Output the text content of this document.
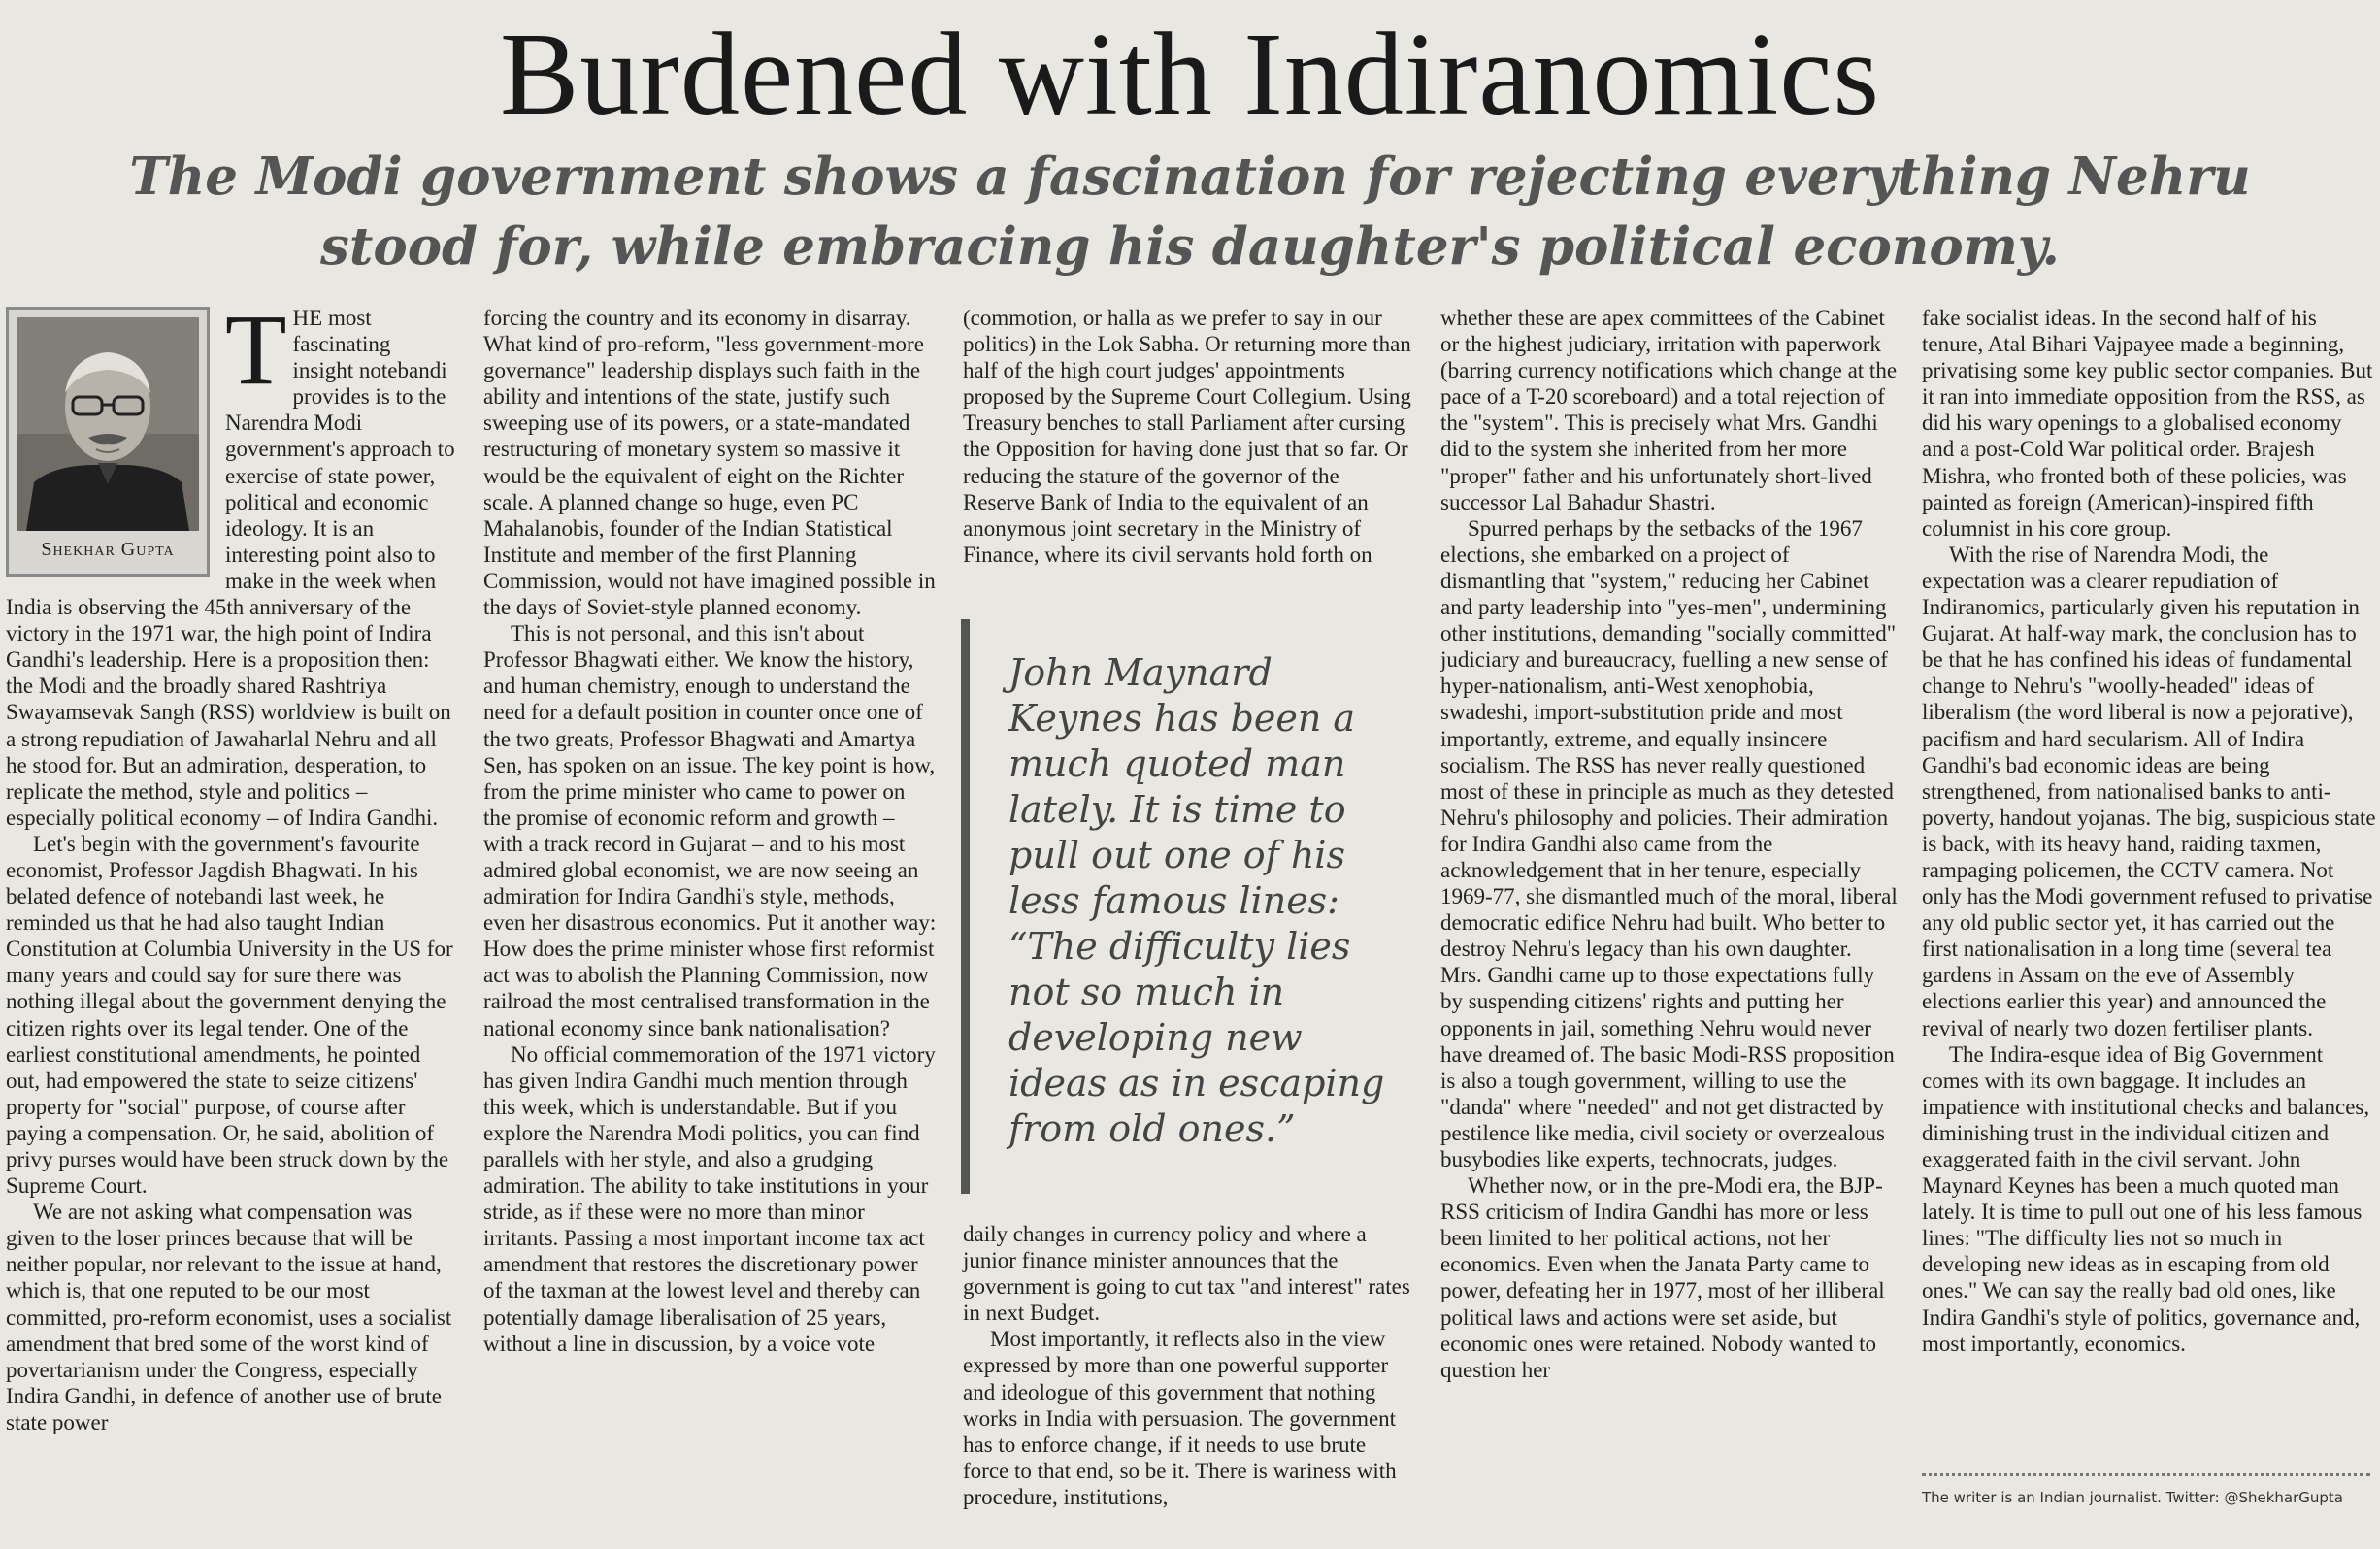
Burdened with Indiranomics

The Modi government shows a fascination for rejecting everything Nehru stood for, while embracing his daughter's political economy.

Shekhar Gupta
T HE most fascinating insight notebandi provides is to the Narendra Modi government's approach to exercise of state power, political and economic ideology. It is an interesting point also to make in the week when India is observing the 45th anniversary of the victory in the 1971 war, the high point of Indira Gandhi's leadership. Here is a proposition then: the Modi and the broadly shared Rashtriya Swayamsevak Sangh (RSS) worldview is built on a strong repudiation of Jawaharlal Nehru and all he stood for. But an admiration, desperation, to replicate the method, style and politics – especially political economy – of Indira Gandhi.

Let's begin with the government's favourite economist, Professor Jagdish Bhagwati. In his belated defence of notebandi last week, he reminded us that he had also taught Indian Constitution at Columbia University in the US for many years and could say for sure there was nothing illegal about the government denying the citizen rights over its legal tender. One of the earliest constitutional amendments, he pointed out, had empowered the state to seize citizens' property for "social" purpose, of course after paying a compensation. Or, he said, abolition of privy purses would have been struck down by the Supreme Court.

We are not asking what compensation was given to the loser princes because that will be neither popular, nor relevant to the issue at hand, which is, that one reputed to be our most committed, pro-reform economist, uses a socialist amendment that bred some of the worst kind of povertarianism under the Congress, especially Indira Gandhi, in defence of another use of brute state power

forcing the country and its economy in disarray. What kind of pro-reform, "less government-more governance" leadership displays such faith in the ability and intentions of the state, justify such sweeping use of its powers, or a state-mandated restructuring of monetary system so massive it would be the equivalent of eight on the Richter scale. A planned change so huge, even PC Mahalanobis, founder of the Indian Statistical Institute and member of the first Planning Commission, would not have imagined possible in the days of Soviet-style planned economy.

This is not personal, and this isn't about Professor Bhagwati either. We know the history, and human chemistry, enough to understand the need for a default position in counter once one of the two greats, Professor Bhagwati and Amartya Sen, has spoken on an issue. The key point is how, from the prime minister who came to power on the promise of economic reform and growth – with a track record in Gujarat – and to his most admired global economist, we are now seeing an admiration for Indira Gandhi's style, methods, even her disastrous economics. Put it another way: How does the prime minister whose first reformist act was to abolish the Planning Commission, now railroad the most centralised transformation in the national economy since bank nationalisation?

No official commemoration of the 1971 victory has given Indira Gandhi much mention through this week, which is understandable. But if you explore the Narendra Modi politics, you can find parallels with her style, and also a grudging admiration. The ability to take institutions in your stride, as if these were no more than minor irritants. Passing a most important income tax act amendment that restores the discretionary power of the taxman at the lowest level and thereby can potentially damage liberalisation of 25 years, without a line in discussion, by a voice vote

(commotion, or halla as we prefer to say in our politics) in the Lok Sabha. Or returning more than half of the high court judges' appointments proposed by the Supreme Court Collegium. Using Treasury benches to stall Parliament after cursing the Opposition for having done just that so far. Or reducing the stature of the governor of the Reserve Bank of India to the equivalent of an anonymous joint secretary in the Ministry of Finance, where its civil servants hold forth on

John Maynard Keynes has been a much quoted man lately. It is time to pull out one of his less famous lines: “The difficulty lies not so much in developing new ideas as in escaping from old ones.”

daily changes in currency policy and where a junior finance minister announces that the government is going to cut tax "and interest" rates in next Budget.

Most importantly, it reflects also in the view expressed by more than one powerful supporter and ideologue of this government that nothing works in India with persuasion. The government has to enforce change, if it needs to use brute force to that end, so be it. There is wariness with procedure, institutions,

whether these are apex committees of the Cabinet or the highest judiciary, irritation with paperwork (barring currency notifications which change at the pace of a T-20 scoreboard) and a total rejection of the "system". This is precisely what Mrs. Gandhi did to the system she inherited from her more "proper" father and his unfortunately short-lived successor Lal Bahadur Shastri.

Spurred perhaps by the setbacks of the 1967 elections, she embarked on a project of dismantling that "system," reducing her Cabinet and party leadership into "yes-men", undermining other institutions, demanding "socially committed" judiciary and bureaucracy, fuelling a new sense of hyper-nationalism, anti-West xenophobia, swadeshi, import-substitution pride and most importantly, extreme, and equally insincere socialism. The RSS has never really questioned most of these in principle as much as they detested Nehru's philosophy and policies. Their admiration for Indira Gandhi also came from the acknowledgement that in her tenure, especially 1969-77, she dismantled much of the moral, liberal democratic edifice Nehru had built. Who better to destroy Nehru's legacy than his own daughter. Mrs. Gandhi came up to those expectations fully by suspending citizens' rights and putting her opponents in jail, something Nehru would never have dreamed of. The basic Modi-RSS proposition is also a tough government, willing to use the "danda" where "needed" and not get distracted by pestilence like media, civil society or overzealous busybodies like experts, technocrats, judges.

Whether now, or in the pre-Modi era, the BJP-RSS criticism of Indira Gandhi has more or less been limited to her political actions, not her economics. Even when the Janata Party came to power, defeating her in 1977, most of her illiberal political laws and actions were set aside, but economic ones were retained. Nobody wanted to question her

fake socialist ideas. In the second half of his tenure, Atal Bihari Vajpayee made a beginning, privatising some key public sector companies. But it ran into immediate opposition from the RSS, as did his wary openings to a globalised economy and a post-Cold War political order. Brajesh Mishra, who fronted both of these policies, was painted as foreign (American)-inspired fifth columnist in his core group.

With the rise of Narendra Modi, the expectation was a clearer repudiation of Indiranomics, particularly given his reputation in Gujarat. At half-way mark, the conclusion has to be that he has confined his ideas of fundamental change to Nehru's "woolly-headed" ideas of liberalism (the word liberal is now a pejorative), pacifism and hard secularism. All of Indira Gandhi's bad economic ideas are being strengthened, from nationalised banks to anti-poverty, handout yojanas. The big, suspicious state is back, with its heavy hand, raiding taxmen, rampaging policemen, the CCTV camera. Not only has the Modi government refused to privatise any old public sector yet, it has carried out the first nationalisation in a long time (several tea gardens in Assam on the eve of Assembly elections earlier this year) and announced the revival of nearly two dozen fertiliser plants.

The Indira-esque idea of Big Government comes with its own baggage. It includes an impatience with institutional checks and balances, diminishing trust in the individual citizen and exaggerated faith in the civil servant. John Maynard Keynes has been a much quoted man lately. It is time to pull out one of his less famous lines: "The difficulty lies not so much in developing new ideas as in escaping from old ones." We can say the really bad old ones, like Indira Gandhi's style of politics, governance and, most importantly, economics.

The writer is an Indian journalist. Twitter: @ShekharGupta
